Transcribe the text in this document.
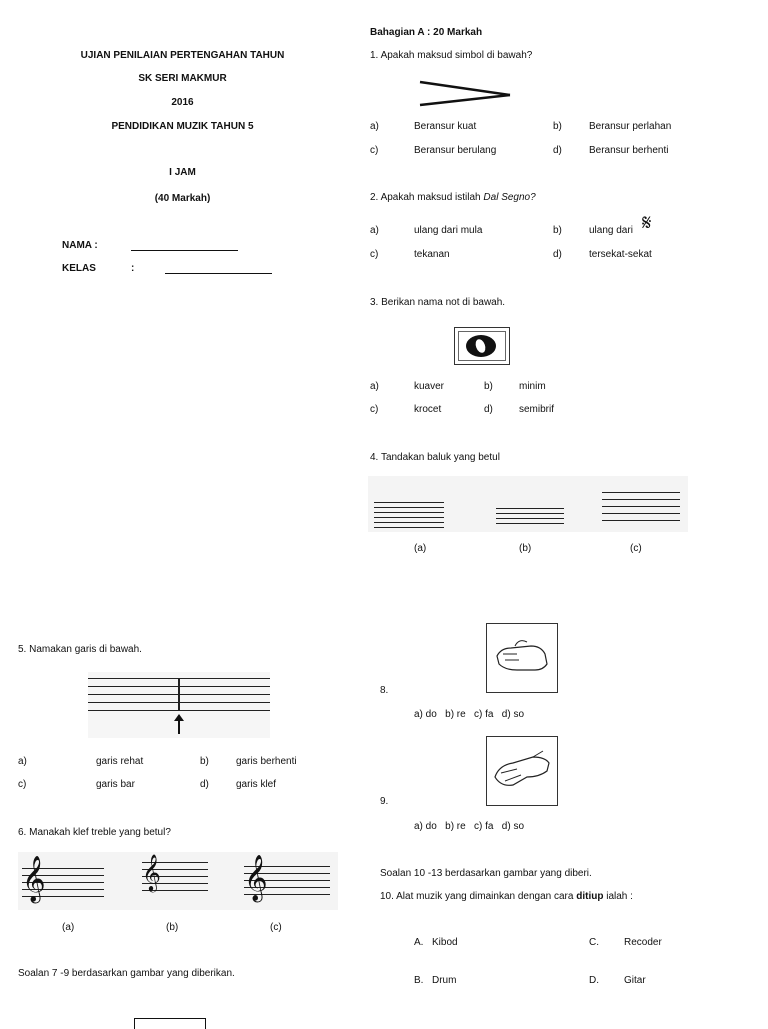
UJIAN PENILAIAN PERTENGAHAN TAHUN
SK SERI MAKMUR
2016
PENDIDIKAN MUZIK TAHUN 5
I JAM
(40 Markah)
NAMA :
KELAS	:
5. Namakan garis di bawah.
a)	garis rehat	b)	garis berhenti
c)	garis bar	d)	garis klef
6. Manakah klef treble yang betul?
𝄞	𝄞 𝄞
(a)	(b)	(c)
Soalan 7 -9 berdasarkan gambar yang diberikan.
Bahagian A : 20 Markah
1. Apakah maksud simbol di bawah?
a)	Beransur kuat	b)	Beransur perlahan
c)	Beransur berulang	d)	Beransur berhenti
2. Apakah maksud istilah Dal Segno?
a)	ulang dari mula	b)	ulang dari 𝄋
c)	tekanan	d)	tersekat-sekat
3. Berikan nama not di bawah.
a)	kuaver	b)	minim
c)	krocet	d)	semibrif
4. Tandakan baluk yang betul
(a)	(b)	(c)
8.
a) do   b) re   c) fa   d) so
9.
a) do   b) re   c) fa   d) so
Soalan 10 -13 berdasarkan gambar yang diberi.
10. Alat muzik yang dimainkan dengan cara ditiup ialah :
A. Kibod	C.	Recoder
B. Drum	D.	Gitar
